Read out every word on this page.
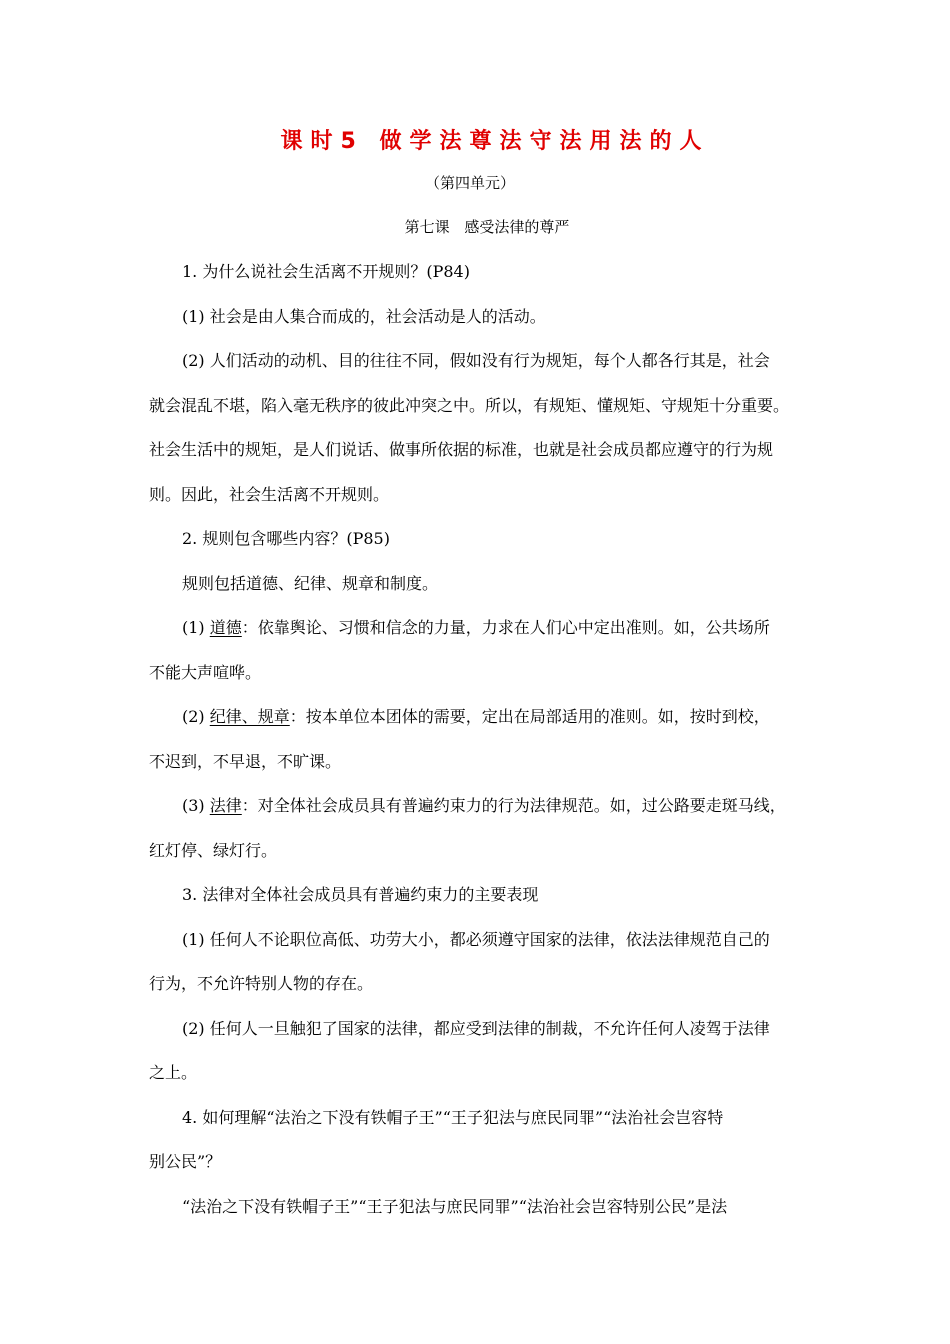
课时5 做学法尊法守法用法的人
（第四单元）
第七课 感受法律的尊严
1. 为什么说社会生活离不开规则？(P84)
(1) 社会是由人集合而成的，社会活动是人的活动。
(2) 人们活动的动机、目的往往不同，假如没有行为规矩，每个人都各行其是，社会
就会混乱不堪，陷入毫无秩序的彼此冲突之中。所以，有规矩、懂规矩、守规矩十分重要。
社会生活中的规矩，是人们说话、做事所依据的标准，也就是社会成员都应遵守的行为规
则。因此，社会生活离不开规则。
2. 规则包含哪些内容？(P85)
规则包括道德、纪律、规章和制度。
(1) 道德：依靠舆论、习惯和信念的力量，力求在人们心中定出准则。如，公共场所
不能大声喧哗。
(2) 纪律、规章：按本单位本团体的需要，定出在局部适用的准则。如，按时到校，
不迟到，不早退，不旷课。
(3) 法律：对全体社会成员具有普遍约束力的行为法律规范。如，过公路要走斑马线，
红灯停、绿灯行。
3. 法律对全体社会成员具有普遍约束力的主要表现
(1) 任何人不论职位高低、功劳大小，都必须遵守国家的法律，依法法律规范自己的
行为，不允许特别人物的存在。
(2) 任何人一旦触犯了国家的法律，都应受到法律的制裁，不允许任何人凌驾于法律
之上。
4. 如何理解“法治之下没有铁帽子王”“王子犯法与庶民同罪”“法治社会岂容特
别公民”？
“法治之下没有铁帽子王”“王子犯法与庶民同罪”“法治社会岂容特别公民”是法
